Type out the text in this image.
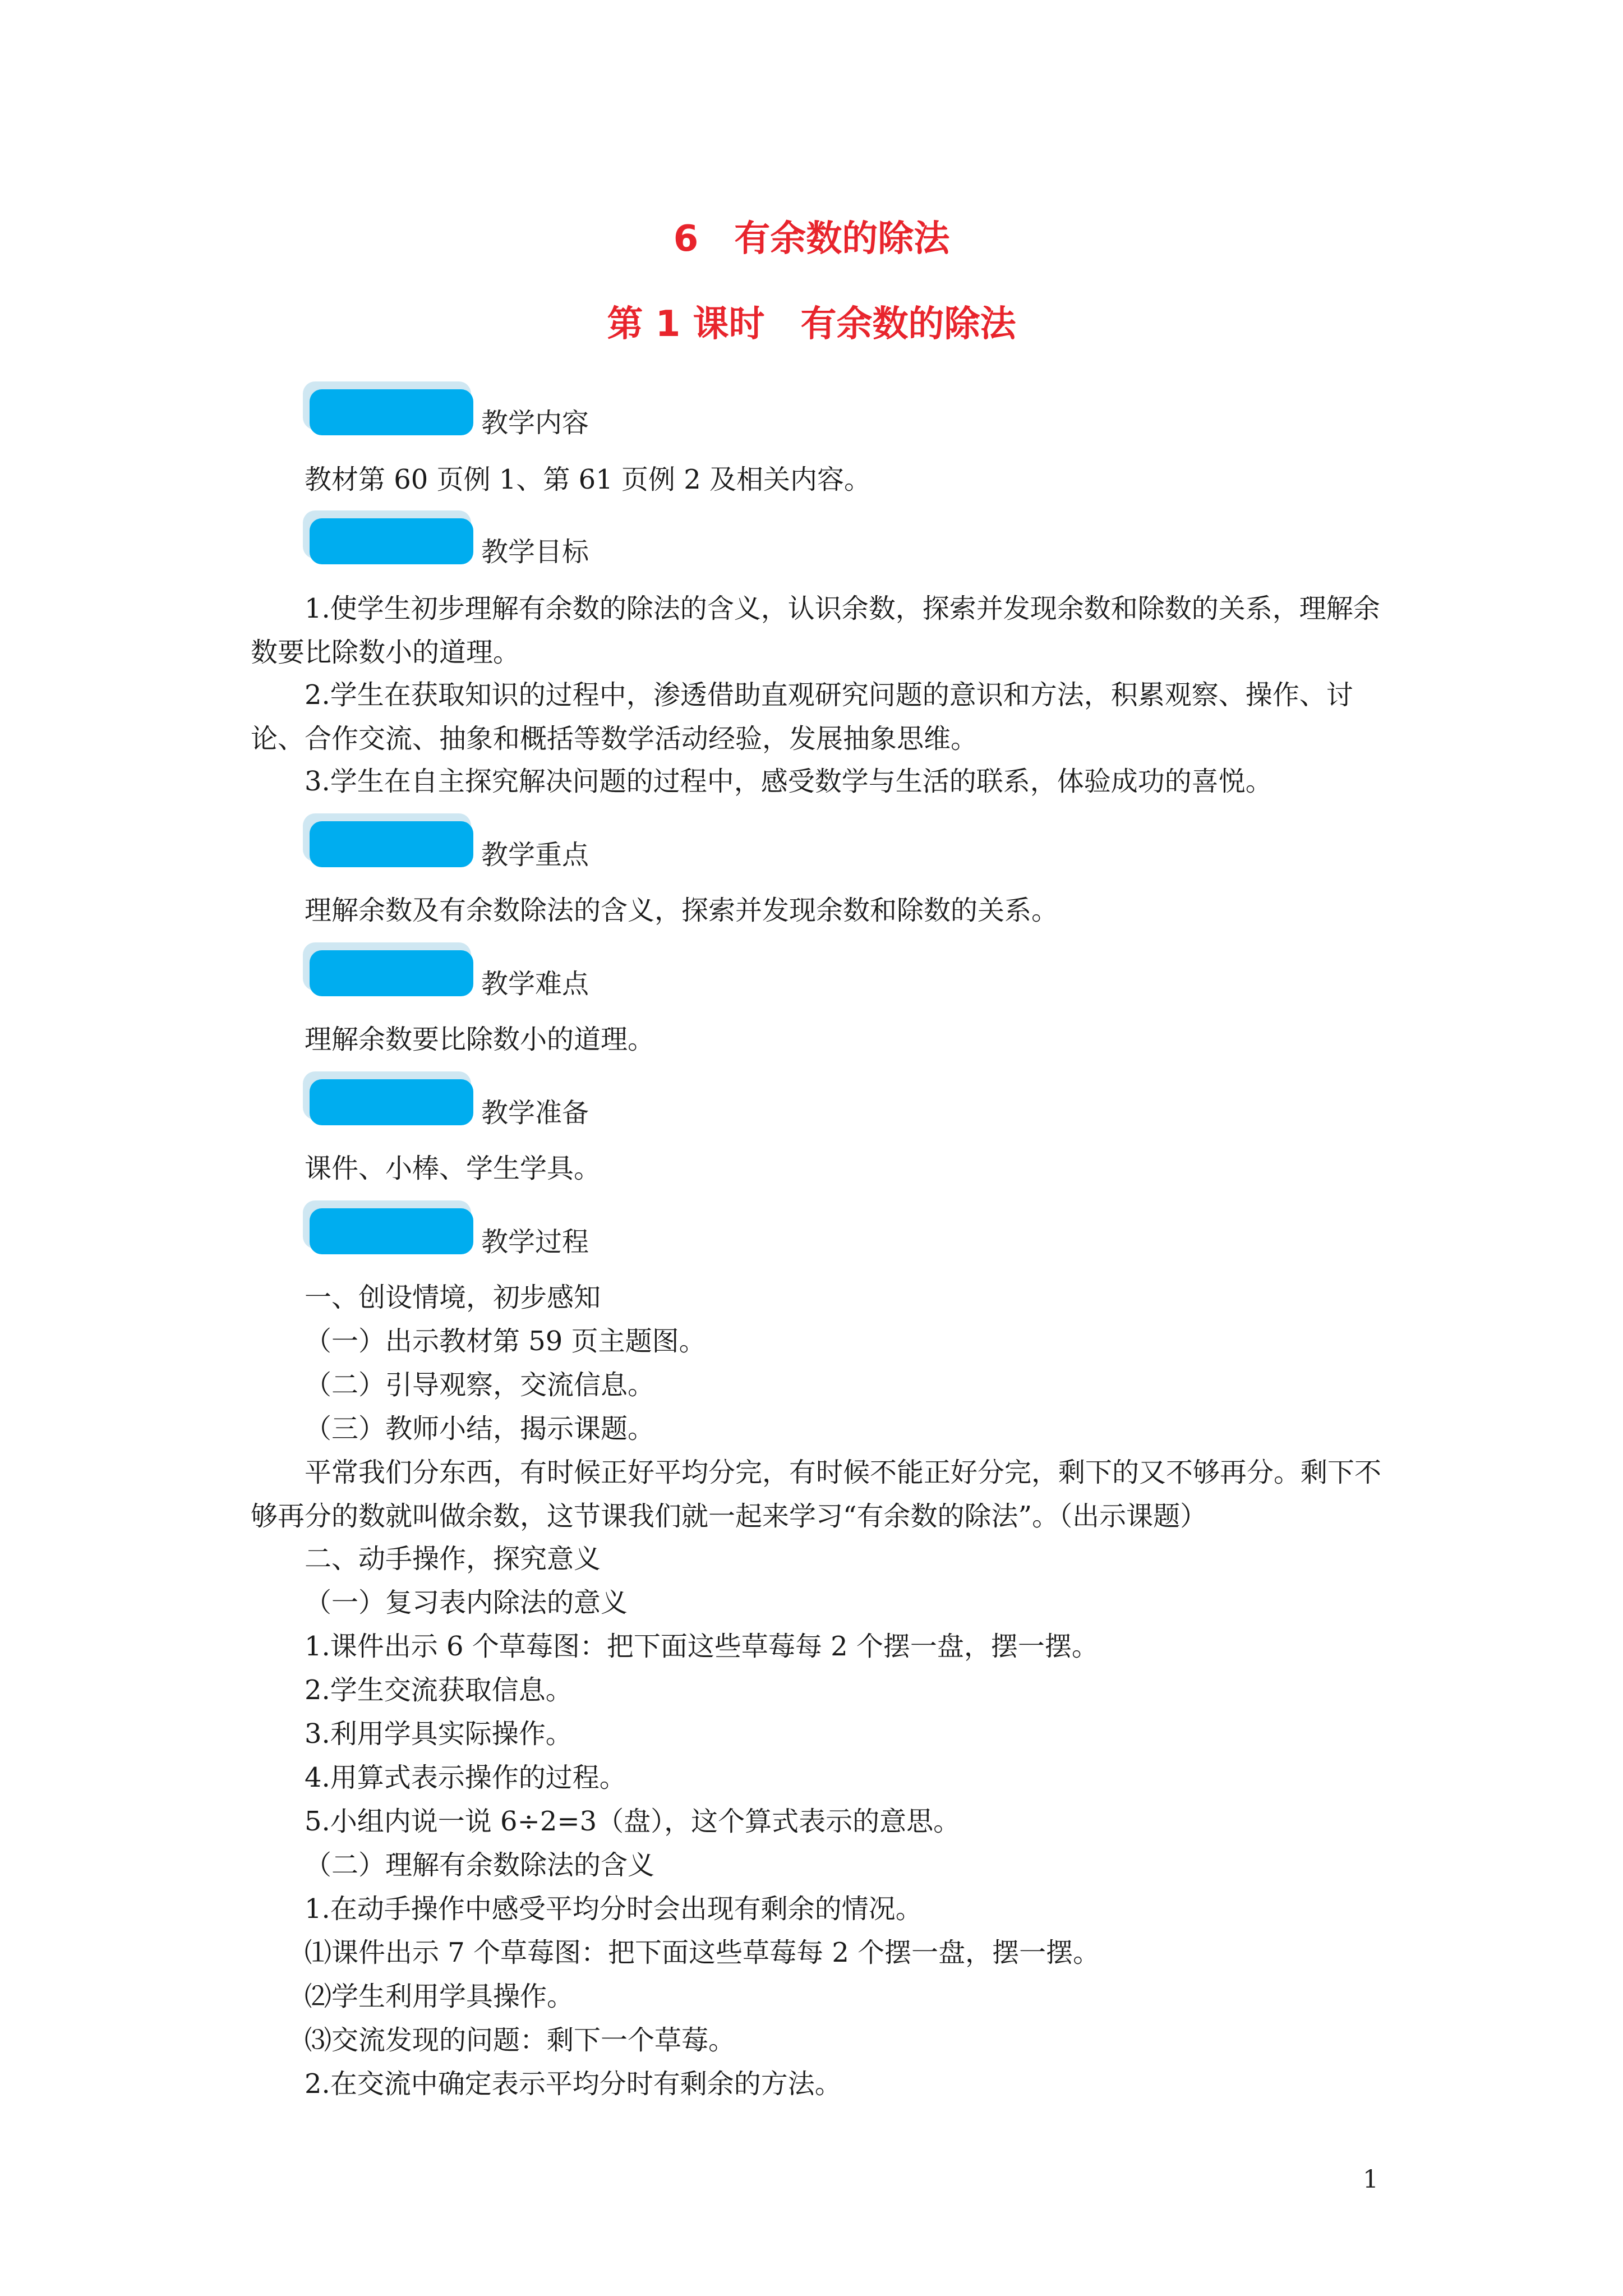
6　有余数的除法
第 1 课时　有余数的除法
教学内容
教材第 60 页例 1、第 61 页例 2 及相关内容。
教学目标
1.使学生初步理解有余数的除法的含义，认识余数，探索并发现余数和除数的关系，理解余数要比除数小的道理。
2.学生在获取知识的过程中，渗透借助直观研究问题的意识和方法，积累观察、操作、讨论、合作交流、抽象和概括等数学活动经验，发展抽象思维。
3.学生在自主探究解决问题的过程中，感受数学与生活的联系，体验成功的喜悦。
教学重点
理解余数及有余数除法的含义，探索并发现余数和除数的关系。
教学难点
理解余数要比除数小的道理。
教学准备
课件、小棒、学生学具。
教学过程
一、创设情境，初步感知
（一）出示教材第 59 页主题图。
（二）引导观察，交流信息。
（三）教师小结，揭示课题。
平常我们分东西，有时候正好平均分完，有时候不能正好分完，剩下的又不够再分。剩下不够再分的数就叫做余数，这节课我们就一起来学习“有余数的除法”。（出示课题）
二、动手操作，探究意义
（一）复习表内除法的意义
1.课件出示 6 个草莓图：把下面这些草莓每 2 个摆一盘，摆一摆。
2.学生交流获取信息。
3.利用学具实际操作。
4.用算式表示操作的过程。
5.小组内说一说 6÷2=3（盘），这个算式表示的意思。
（二）理解有余数除法的含义
1.在动手操作中感受平均分时会出现有剩余的情况。
⑴课件出示 7 个草莓图：把下面这些草莓每 2 个摆一盘，摆一摆。
⑵学生利用学具操作。
⑶交流发现的问题：剩下一个草莓。
2.在交流中确定表示平均分时有剩余的方法。
1
